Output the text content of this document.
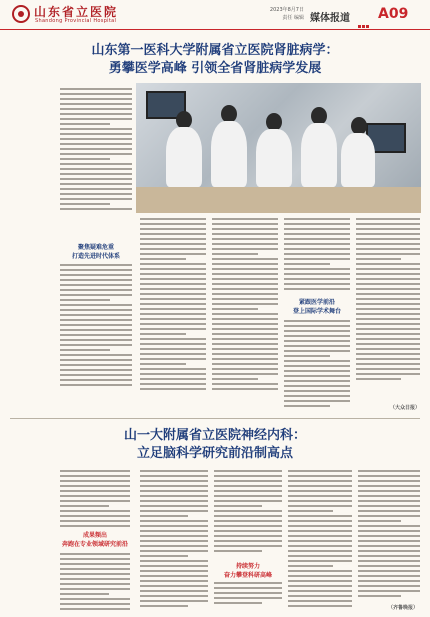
山东省立医院
Shandong Provincial Hospital
2023年8月7日
责任 编辑 媒体报道 A09
山东第一医科大学附属省立医院肾脏病学：
勇攀医学高峰 引领全省肾脏病学发展
聚焦疑难危重
打造先进时代体系
紧跟医学前沿
登上国际学术舞台
（大众日报）
山一大附属省立医院神经内科：
立足脑科学研究前沿制高点
成果频出
奔跑在专业领域研究前沿
持续努力
奋力攀登科研高峰
（齐鲁晚报）
